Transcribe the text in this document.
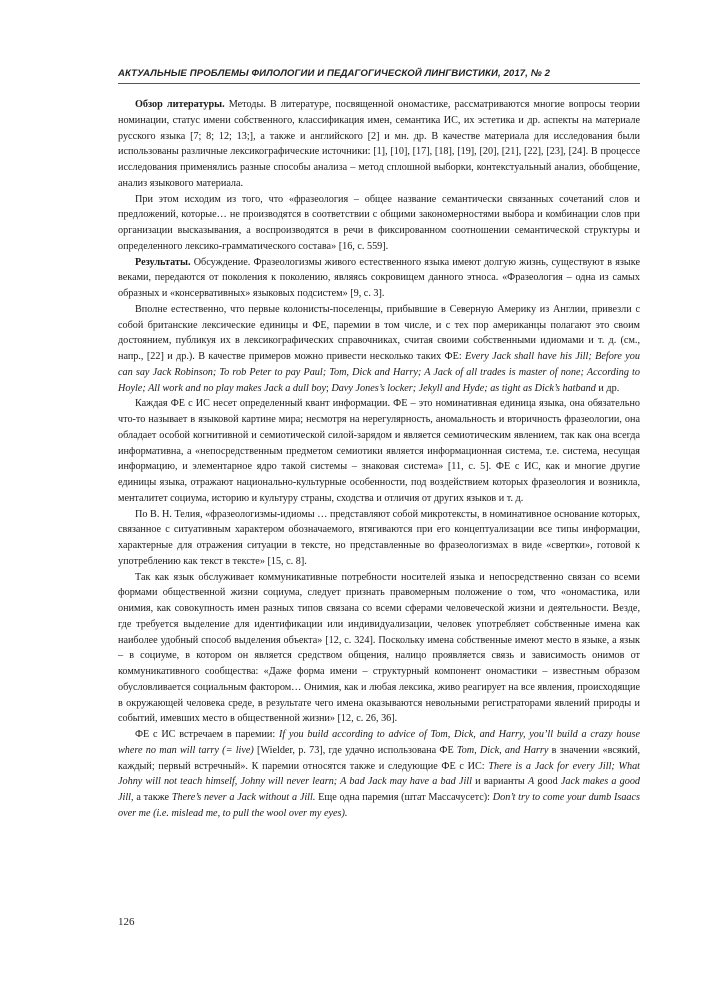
АКТУАЛЬНЫЕ ПРОБЛЕМЫ ФИЛОЛОГИИ И ПЕДАГОГИЧЕСКОЙ ЛИНГВИСТИКИ, 2017, № 2

Обзор литературы. Методы. В литературе, посвященной ономастике, рассматриваются многие вопросы теории номинации, статус имени собственного, классификация имен, семантика ИС, их эстетика и др. аспекты на материале русского языка [7; 8; 12; 13;], а также и английского [2] и мн. др. В качестве материала для исследования были использованы различные лексикографические источники: [1], [10], [17], [18], [19], [20], [21], [22], [23], [24]. В процессе исследования применялись разные способы анализа – метод сплошной выборки, контекстуальный анализ, обобщение, анализ языкового материала.

При этом исходим из того, что «фразеология – общее название семантически связанных сочетаний слов и предложений, которые… не производятся в соответствии с общими закономерностями выбора и комбинации слов при организации высказывания, а воспроизводятся в речи в фиксированном соотношении семантической структуры и определенного лексико-грамматического состава» [16, с. 559].

Результаты. Обсуждение. Фразеологизмы живого естественного языка имеют долгую жизнь, существуют в языке веками, передаются от поколения к поколению, являясь сокровищем данного этноса. «Фразеология – одна из самых образных и «консервативных» языковых подсистем» [9, с. 3].

Вполне естественно, что первые колонисты-поселенцы, прибывшие в Северную Америку из Англии, привезли с собой британские лексические единицы и ФЕ, паремии в том числе, и с тех пор американцы полагают это своим достоянием, публикуя их в лексикографических справочниках, считая своими собственными идиомами и т. д. (см., напр., [22] и др.). В качестве примеров можно привести несколько таких ФЕ: Every Jack shall have his Jill; Before you can say Jack Robinson; To rob Peter to pay Paul; Tom, Dick and Harry; A Jack of all trades is master of none; According to Hoyle; All work and no play makes Jack a dull boy; Davy Jones’s locker; Jekyll and Hyde; as tight as Dick’s hatband и др.

Каждая ФЕ с ИС несет определенный квант информации. ФЕ – это номинативная единица языка, она обязательно что-то называет в языковой картине мира; несмотря на нерегулярность, аномальность и вторичность фразеологии, она обладает особой когнитивной и семиотической силой-зарядом и является семиотическим явлением, так как она всегда информативна, а «непосредственным предметом семиотики является информационная система, т.е. система, несущая информацию, и элементарное ядро такой системы – знаковая система» [11, с. 5]. ФЕ с ИС, как и многие другие единицы языка, отражают национально-культурные особенности, под воздействием которых фразеология и возникла, менталитет социума, историю и культуру страны, сходства и отличия от других языков и т. д.

По В. Н. Телия, «фразеологизмы-идиомы … представляют собой микротексты, в номинативное основание которых, связанное с ситуативным характером обозначаемого, втягиваются при его концептуализации все типы информации, характерные для отражения ситуации в тексте, но представленные во фразеологизмах в виде «свертки», готовой к употреблению как текст в тексте» [15, с. 8].

Так как язык обслуживает коммуникативные потребности носителей языка и непосредственно связан со всеми формами общественной жизни социума, следует признать правомерным положение о том, что «ономастика, или онимия, как совокупность имен разных типов связана со всеми сферами человеческой жизни и деятельности. Везде, где требуется выделение для идентификации или индивидуализации, человек употребляет собственные имена как наиболее удобный способ выделения объекта» [12, с. 324]. Поскольку имена собственные имеют место в языке, а язык – в социуме, в котором он является средством общения, налицо проявляется связь и зависимость онимов от коммуникативного сообщества: «Даже форма имени – структурный компонент ономастики – известным образом обусловливается социальным фактором… Онимия, как и любая лексика, живо реагирует на все явления, происходящие в окружающей человека среде, в результате чего имена оказываются невольными регистраторами явлений природы и событий, имевших место в общественной жизни» [12, с. 26, 36].

ФЕ с ИС встречаем в паремии: If you build according to advice of Tom, Dick, and Harry, you’ll build a crazy house where no man will tarry (= live) [Wielder, p. 73], где удачно использована ФЕ Tom, Dick, and Harry в значении «всякий, каждый; первый встречный». К паремии относятся также и следующие ФЕ с ИС: There is a Jack for every Jill; What Johny will not teach himself, Johny will never learn; A bad Jack may have a bad Jill и варианты A good Jack makes a good Jill, а также There’s never a Jack without a Jill. Еще одна паремия (штат Массачусетс): Don’t try to come your dumb Isaacs over me (i.e. mislead me, to pull the wool over my eyes).

126
